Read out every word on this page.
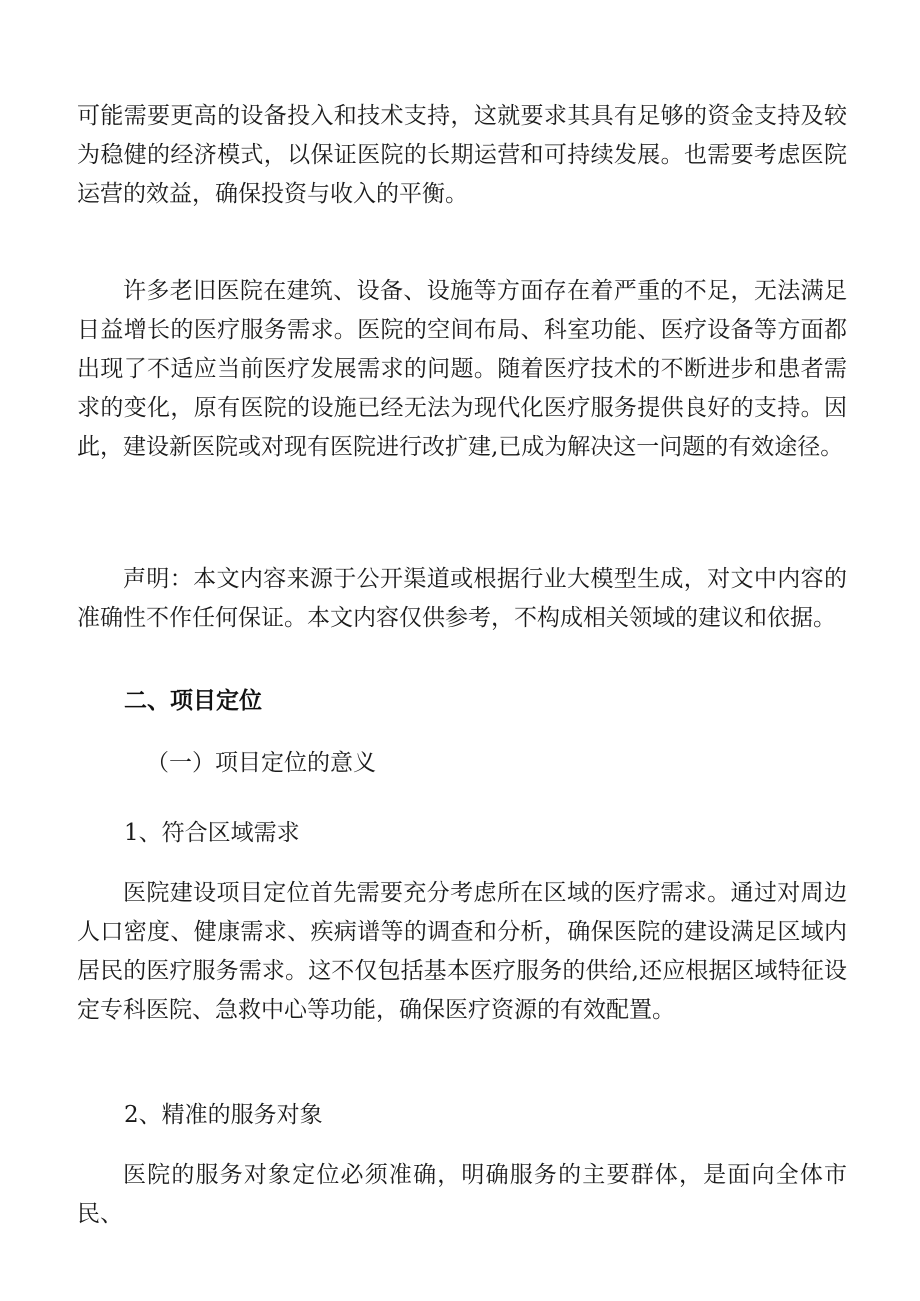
可能需要更高的设备投入和技术支持，这就要求其具有足够的资金支持及较为稳健的经济模式，以保证医院的长期运营和可持续发展。也需要考虑医院运营的效益，确保投资与收入的平衡。

许多老旧医院在建筑、设备、设施等方面存在着严重的不足，无法满足日益增长的医疗服务需求。医院的空间布局、科室功能、医疗设备等方面都出现了不适应当前医疗发展需求的问题。随着医疗技术的不断进步和患者需求的变化，原有医院的设施已经无法为现代化医疗服务提供良好的支持。因此，建设新医院或对现有医院进行改扩建,已成为解决这一问题的有效途径。

声明：本文内容来源于公开渠道或根据行业大模型生成，对文中内容的准确性不作任何保证。本文内容仅供参考，不构成相关领域的建议和依据。

二、项目定位
（一）项目定位的意义
1、符合区域需求

医院建设项目定位首先需要充分考虑所在区域的医疗需求。通过对周边人口密度、健康需求、疾病谱等的调查和分析，确保医院的建设满足区域内居民的医疗服务需求。这不仅包括基本医疗服务的供给,还应根据区域特征设定专科医院、急救中心等功能，确保医疗资源的有效配置。

2、精准的服务对象

医院的服务对象定位必须准确，明确服务的主要群体，是面向全体市民、
